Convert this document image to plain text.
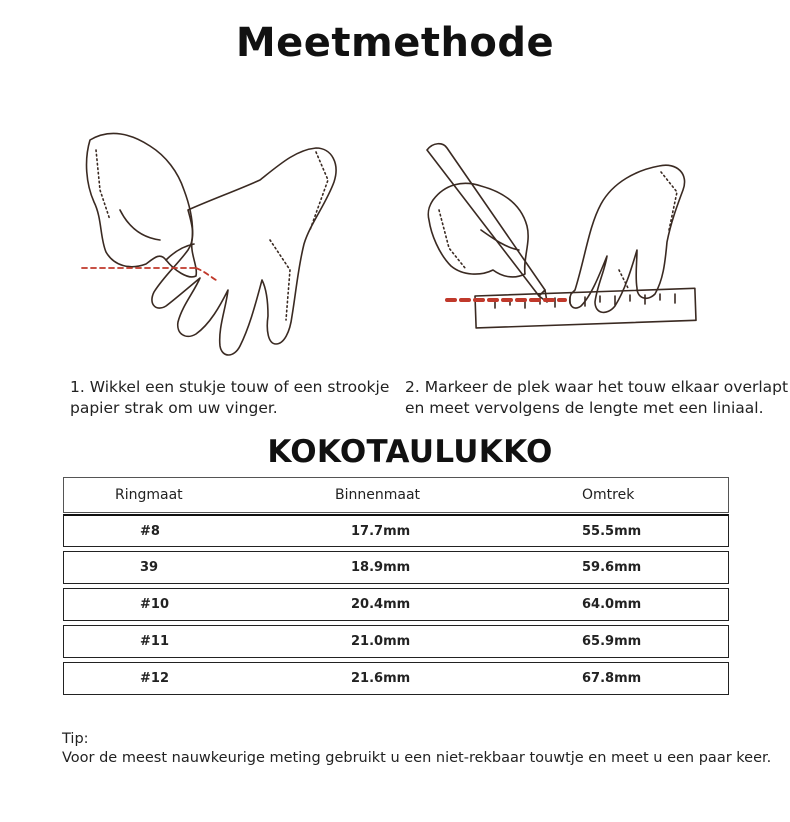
Meetmethode
1. Wikkel een stukje touw of een strookje papier strak om uw vinger.
2. Markeer de plek waar het touw elkaar overlapt en meet vervolgens de lengte met een liniaal.
KOKOTAULUKKO
Ringmaat	Binnenmaat	Omtrek
#8	17.7mm	55.5mm
39	18.9mm	59.6mm
#10	20.4mm	64.0mm
#11	21.0mm	65.9mm
#12	21.6mm	67.8mm
Tip:
Voor de meest nauwkeurige meting gebruikt u een niet-rekbaar touwtje en meet u een paar keer.
